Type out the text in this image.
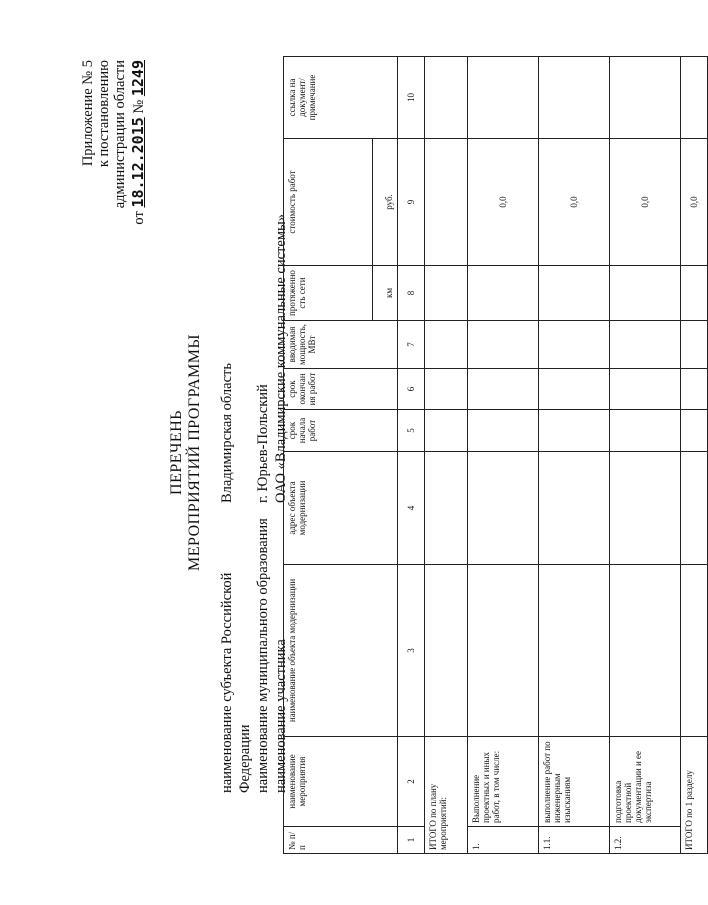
Приложение № 5 к постановлению администрации области
от 18.12.2015 № 1249
ПЕРЕЧЕНЬ МЕРОПРИЯТИЙ ПРОГРАММЫ
наименование субъекта Российской Федерации
Владимирская область
наименование муниципального образования
г. Юрьев-Польский
наименование участника
ОАО «Владимирские коммунальные системы»
№ п/п	наименование мероприятия	наименование объекта модернизации	адрес объекта модернизации	срок начала работ	срок окончан ия работ	вводимая мощность, МВт	протяженно сть сети	стоимость работ	ссылка на документ/ примечание
							км	руб.	
1	2	3	4	5	6	7	8	9	10
ИТОГО по плану мероприятий:									
1.	Выполнение проектных и иных работ, в том числе:							0,0	
1.1.	выполнение работ по инженерным изысканиям							0,0	
1.2.	подготовка проектной документации и ее экспертиза							0,0	
ИТОГО по 1 разделу								0,0	
